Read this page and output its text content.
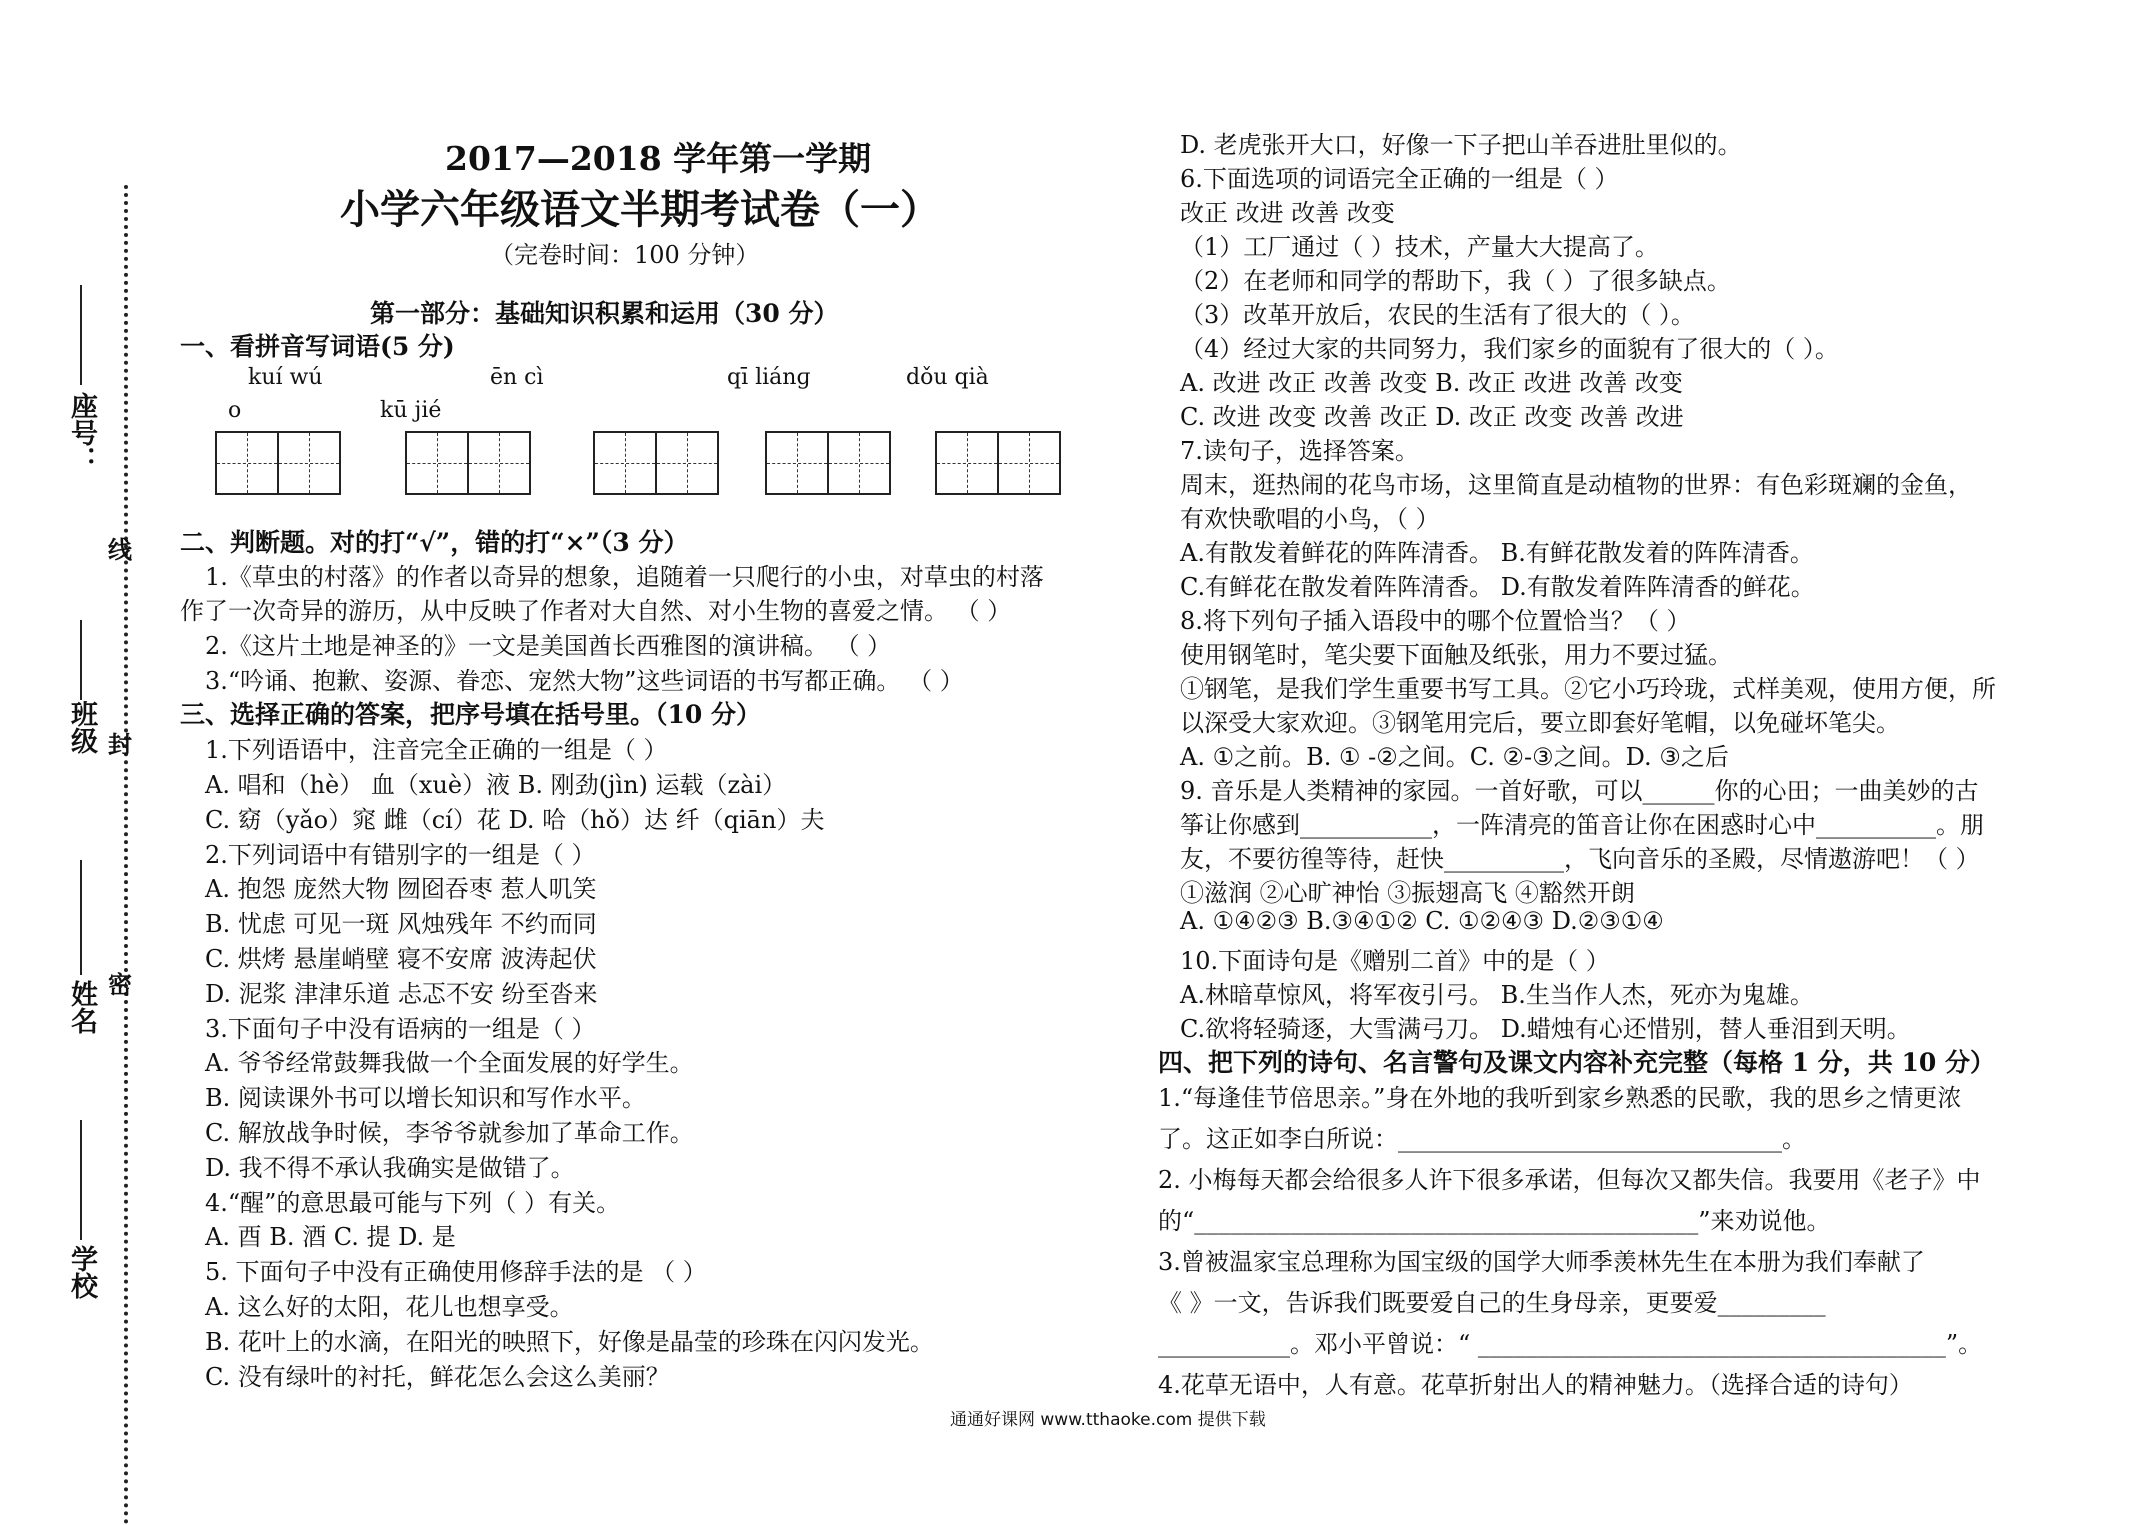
座号：
线
班级 封
姓名 密
学校
2017—2018 学年第一学期
小学六年级语文半期考试卷（一）
（完卷时间：100 分钟）
第一部分：基础知识积累和运用（30 分）
一、看拼音写词语(5 分)
kuí wú	ēn cì	qī liánɡ	dǒu qià
o	kū jié
二、判断题。对的打“√”，错的打“×”（3 分）
1.《草虫的村落》的作者以奇异的想象，追随着一只爬行的小虫，对草虫的村落
作了一次奇异的游历，从中反映了作者对大自然、对小生物的喜爱之情。 （ ）
2.《这片土地是神圣的》一文是美国酋长西雅图的演讲稿。 （ ）
3.“吟诵、抱歉、姿源、眷恋、宠然大物”这些词语的书写都正确。 （ ）
三、选择正确的答案，把序号填在括号里。（10 分）
1.下列语语中，注音完全正确的一组是（ ）
A. 唱和（hè） 血（xuè）液 B. 刚劲(jìn) 运载（zài）
C. 窈（yǎo）窕 雌（cí）花 D. 哈（hǒ）达 纤（qiān）夫
2.下列词语中有错别字的一组是（ ）
A. 抱怨 庞然大物 囫囵吞枣 惹人叽笑
B. 忧虑 可见一斑 风烛残年 不约而同
C. 烘烤 悬崖峭壁 寝不安席 波涛起伏
D. 泥浆 津津乐道 忐忑不安 纷至沓来
3.下面句子中没有语病的一组是（ ）
A. 爷爷经常鼓舞我做一个全面发展的好学生。
B. 阅读课外书可以增长知识和写作水平。
C. 解放战争时候，李爷爷就参加了革命工作。
D. 我不得不承认我确实是做错了。
4.“醒”的意思最可能与下列（ ）有关。
A. 酉 B. 酒 C. 提 D. 是
5. 下面句子中没有正确使用修辞手法的是 （ ）
A. 这么好的太阳，花儿也想享受。
B. 花叶上的水滴，在阳光的映照下，好像是晶莹的珍珠在闪闪发光。
C. 没有绿叶的衬托，鲜花怎么会这么美丽？
D. 老虎张开大口，好像一下子把山羊吞进肚里似的。
6.下面选项的词语完全正确的一组是（ ）
改正 改进 改善 改变
（1）工厂通过（ ）技术，产量大大提高了。
（2）在老师和同学的帮助下，我（ ）了很多缺点。
（3）改革开放后，农民的生活有了很大的（ ）。
（4）经过大家的共同努力，我们家乡的面貌有了很大的（ ）。
A. 改进 改正 改善 改变 B. 改正 改进 改善 改变
C. 改进 改变 改善 改正 D. 改正 改变 改善 改进
7.读句子，选择答案。
周末，逛热闹的花鸟市场，这里简直是动植物的世界：有色彩斑斓的金鱼，
有欢快歌唱的小鸟，（ ）
A.有散发着鲜花的阵阵清香。 B.有鲜花散发着的阵阵清香。
C.有鲜花在散发着阵阵清香。 D.有散发着阵阵清香的鲜花。
8.将下列句子插入语段中的哪个位置恰当？（ ）
使用钢笔时，笔尖要下面触及纸张，用力不要过猛。
①钢笔，是我们学生重要书写工具。②它小巧玲珑，式样美观，使用方便，所
以深受大家欢迎。③钢笔用完后，要立即套好笔帽，以免碰坏笔尖。
A. ①之前。B. ① -②之间。C. ②-③之间。D. ③之后
9. 音乐是人类精神的家园。一首好歌，可以______你的心田；一曲美妙的古
筝让你感到___________，一阵清亮的笛音让你在困惑时心中__________。朋
友，不要彷徨等待，赶快__________，飞向音乐的圣殿，尽情遨游吧！（ ）
①滋润 ②心旷神怡 ③振翅高飞 ④豁然开朗
A. ①④②③ B.③④①② C. ①②④③ D.②③①④
10.下面诗句是《赠别二首》中的是（ ）
A.林暗草惊风，将军夜引弓。 B.生当作人杰，死亦为鬼雄。
C.欲将轻骑逐，大雪满弓刀。 D.蜡烛有心还惜别，替人垂泪到天明。
四、把下列的诗句、名言警句及课文内容补充完整（每格 1 分，共 10 分）
1.“每逢佳节倍思亲。”身在外地的我听到家乡熟悉的民歌，我的思乡之情更浓
了。这正如李白所说：________________________________。
2. 小梅每天都会给很多人许下很多承诺，但每次又都失信。我要用《老子》中
的“__________________________________________”来劝说他。
3.曾被温家宝总理称为国宝级的国学大师季羡林先生在本册为我们奉献了
《 》一文，告诉我们既要爱自己的生身母亲，更要爱_________
___________。邓小平曾说：“ _______________________________________”。
4.花草无语中，人有意。花草折射出人的精神魅力。（选择合适的诗句）
通通好课网 www.tthaoke.com 提供下载
